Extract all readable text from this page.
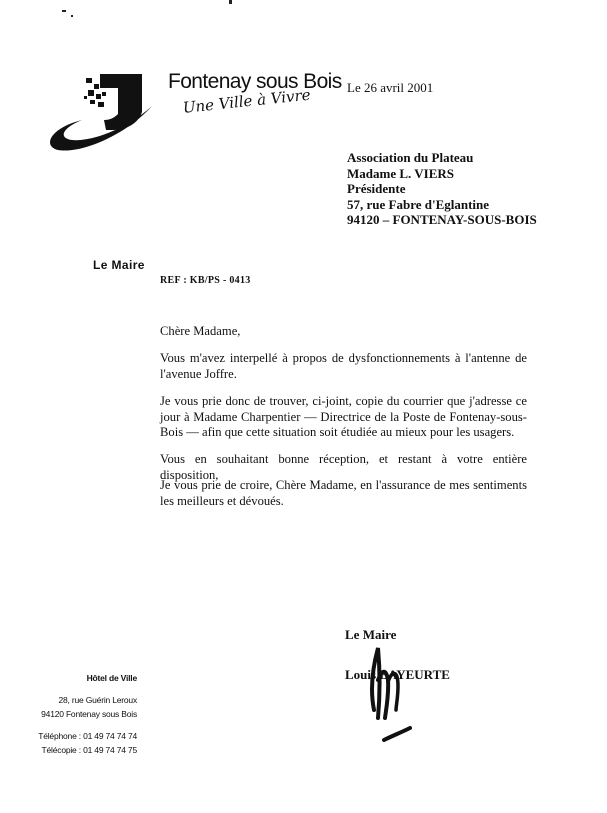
Fontenay sous Bois
Une Ville à Vivre	Le 26 avril 2001
Association du Plateau
Madame L. VIERS
Présidente
57, rue Fabre d'Eglantine
94120 – FONTENAY-SOUS-BOIS
Le Maire
REF : KB/PS - 0413

Chère Madame,

Vous m'avez interpellé à propos de dysfonctionnements à l'antenne de l'avenue Joffre.

Je vous prie donc de trouver, ci-joint, copie du courrier que j'adresse ce jour à Madame Charpentier — Directrice de la Poste de Fontenay-sous-Bois — afin que cette situation soit étudiée au mieux pour les usagers.

Vous en souhaitant bonne réception, et restant à votre entière disposition,

Je vous prie de croire, Chère Madame, en l'assurance de mes sentiments les meilleurs et dévoués.

Le Maire
Louis BAYEURTE
Hôtel de Ville
28, rue Guérin Leroux
94120 Fontenay sous Bois
Téléphone : 01 49 74 74 74
Télécopie : 01 49 74 74 75
